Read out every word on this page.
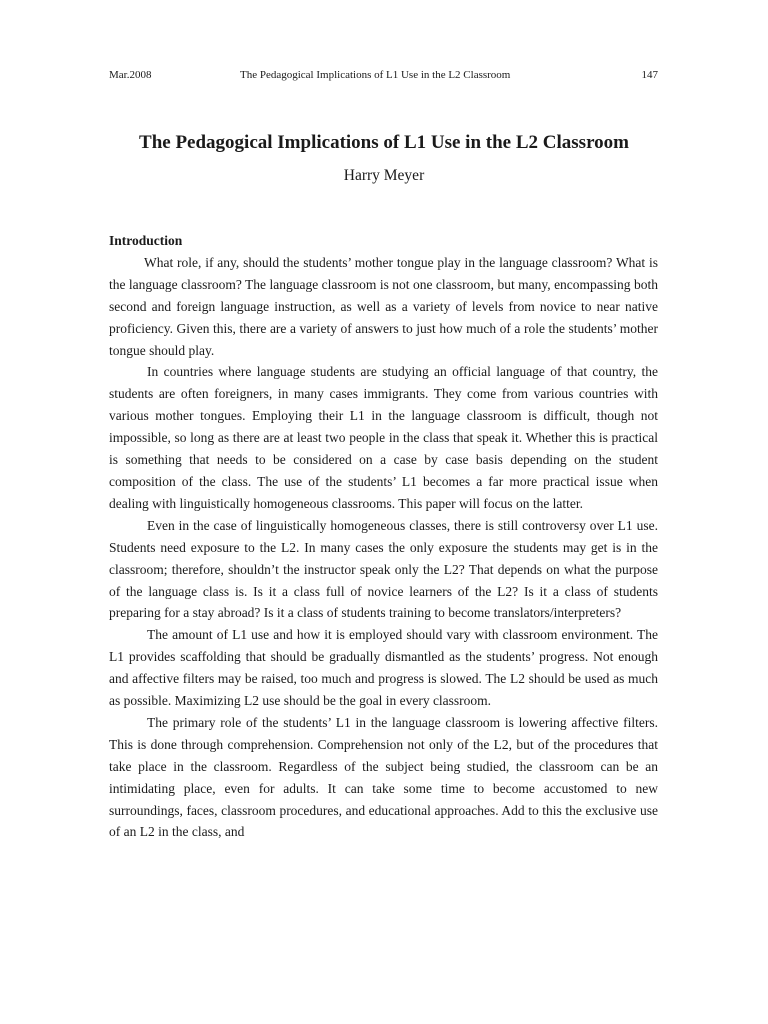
Mar.2008	The Pedagogical Implications of L1 Use in the L2 Classroom	147
The Pedagogical Implications of L1 Use in the L2 Classroom
Harry Meyer

Introduction

What role, if any, should the students’ mother tongue play in the language classroom? What is the language classroom? The language classroom is not one classroom, but many, encompassing both second and foreign language instruction, as well as a variety of levels from novice to near native proficiency. Given this, there are a variety of answers to just how much of a role the students’ mother tongue should play.

In countries where language students are studying an official language of that country, the students are often foreigners, in many cases immigrants. They come from various countries with various mother tongues. Employing their L1 in the language classroom is difficult, though not impossible, so long as there are at least two people in the class that speak it. Whether this is practical is something that needs to be considered on a case by case basis depending on the student composition of the class. The use of the students’ L1 becomes a far more practical issue when dealing with linguistically homogeneous classrooms. This paper will focus on the latter.

Even in the case of linguistically homogeneous classes, there is still controversy over L1 use. Students need exposure to the L2. In many cases the only exposure the students may get is in the classroom; therefore, shouldn’t the instructor speak only the L2? That depends on what the purpose of the language class is. Is it a class full of novice learners of the L2? Is it a class of students preparing for a stay abroad? Is it a class of students training to become translators/interpreters?

The amount of L1 use and how it is employed should vary with classroom environment. The L1 provides scaffolding that should be gradually dismantled as the students’ progress. Not enough and affective filters may be raised, too much and progress is slowed. The L2 should be used as much as possible. Maximizing L2 use should be the goal in every classroom.

The primary role of the students’ L1 in the language classroom is lowering affective filters. This is done through comprehension. Comprehension not only of the L2, but of the procedures that take place in the classroom. Regardless of the subject being studied, the classroom can be an intimidating place, even for adults. It can take some time to become accustomed to new surroundings, faces, classroom procedures, and educational approaches. Add to this the exclusive use of an L2 in the class, and
